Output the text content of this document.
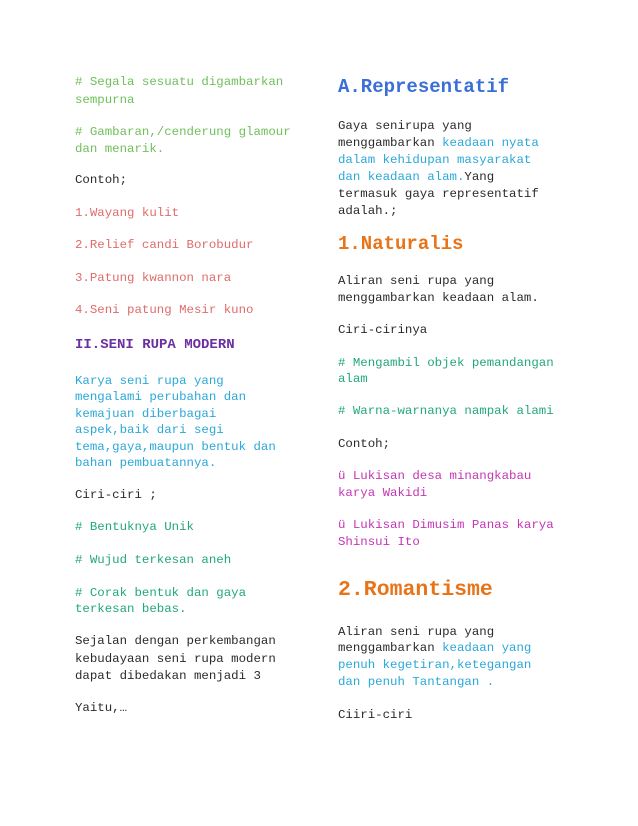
# Segala sesuatu digambarkan
sempurna
# Gambaran,/cenderung glamour
dan menarik.
Contoh;
1.Wayang kulit
2.Relief candi Borobudur
3.Patung kwannon nara
4.Seni patung Mesir kuno
II.SENI RUPA MODERN
Karya seni rupa yang
mengalami perubahan dan
kemajuan diberbagai
aspek,baik dari segi
tema,gaya,maupun bentuk dan
bahan pembuatannya.
Ciri-ciri ;
# Bentuknya Unik
# Wujud terkesan aneh
# Corak bentuk dan gaya
terkesan bebas.
Sejalan dengan perkembangan
kebudayaan seni rupa modern
dapat dibedakan menjadi 3
Yaitu,…
A.Representatif
Gaya senirupa yang
menggambarkan keadaan nyata
dalam kehidupan masyarakat
dan keadaan alam.Yang
termasuk gaya representatif
adalah.;
1.Naturalis
Aliran seni rupa yang
menggambarkan keadaan alam.
Ciri-cirinya
# Mengambil objek pemandangan
alam
# Warna-warnanya nampak alami
Contoh;
ü Lukisan desa minangkabau
karya Wakidi
ü Lukisan Dimusim Panas karya
Shinsui Ito
2.Romantisme
Aliran seni rupa yang
menggambarkan keadaan yang
penuh kegetiran,ketegangan
dan penuh Tantangan .
Ciiri-ciri
